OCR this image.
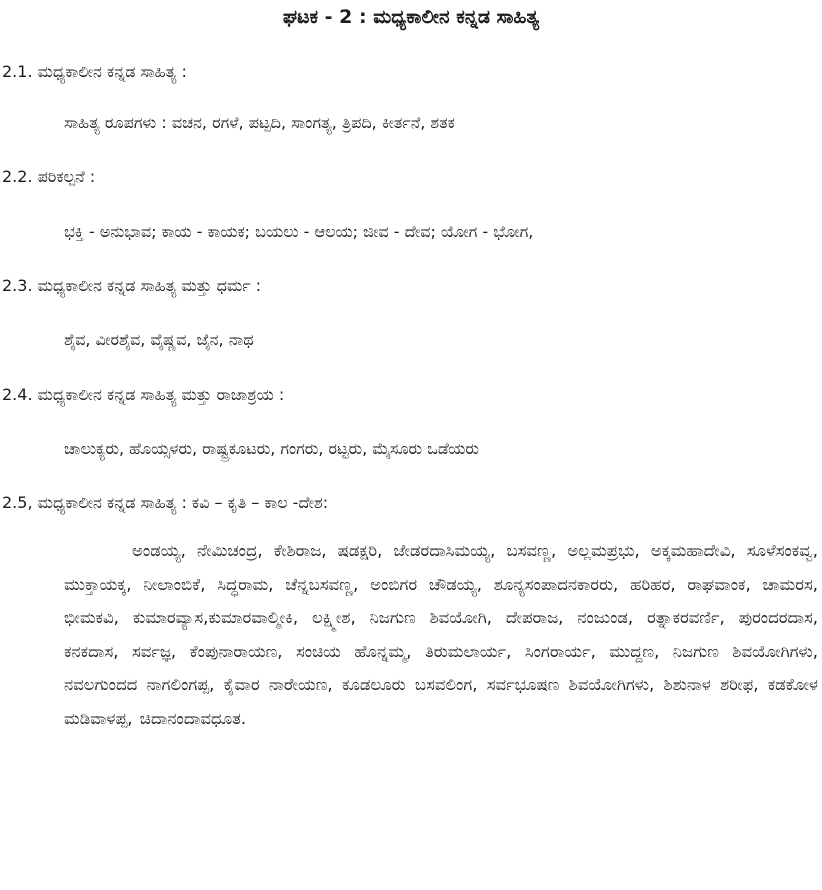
ಘಟಕ - 2 : ಮಧ್ಯಕಾಲೀನ ಕನ್ನಡ ಸಾಹಿತ್ಯ
2.1. ಮಧ್ಯಕಾಲೀನ ಕನ್ನಡ ಸಾಹಿತ್ಯ :
ಸಾಹಿತ್ಯ ರೂಪಗಳು : ವಚನ, ರಗಳೆ, ಪಟ್ಪದಿ, ಸಾಂಗತ್ಯ, ತ್ರಿಪದಿ, ಕೀರ್ತನೆ, ಶತಕ
2.2. ಪರಿಕಲ್ಪನೆ :
ಭಕ್ತಿ - ಅನುಭಾವ; ಕಾಯ - ಕಾಯಕ; ಬಯಲು - ಆಲಯ; ಜೀವ - ದೇವ; ಯೋಗ - ಭೋಗ,
2.3. ಮಧ್ಯಕಾಲೀನ ಕನ್ನಡ ಸಾಹಿತ್ಯ ಮತ್ತು ಧರ್ಮ :
ಶೈವ, ವೀರಶೈವ, ವೈಷ್ಣವ, ಜೈನ, ನಾಥ
2.4. ಮಧ್ಯಕಾಲೀನ ಕನ್ನಡ ಸಾಹಿತ್ಯ ಮತ್ತು ರಾಜಾಶ್ರಯ :
ಚಾಲುಕ್ಯರು, ಹೊಯ್ಸಳರು, ರಾಷ್ಟ್ರಕೂಟರು, ಗಂಗರು, ರಟ್ಟರು, ಮೈಸೂರು ಒಡೆಯರು
2.5, ಮಧ್ಯಕಾಲೀನ ಕನ್ನಡ ಸಾಹಿತ್ಯ : ಕವಿ – ಕೃತಿ – ಕಾಲ -ದೇಶ:
ಅಂಡಯ್ಯ, ನೇಮಿಚಂದ್ರ, ಕೇಶಿರಾಜ, ಷಡಕ್ಷರಿ, ಜೇಡರದಾಸಿಮಯ್ಯ, ಬಸವಣ್ಣ, ಅಲ್ಲಮಪ್ರಭು, ಅಕ್ಕಮಹಾದೇವಿ, ಸೂಳೆಸಂಕವ್ವ, ಮುಕ್ತಾಯಕ್ಕ, ನೀಲಾಂಬಿಕೆ, ಸಿದ್ಧರಾಮ, ಚೆನ್ನಬಸವಣ್ಣ, ಅಂಬಿಗರ ಚೌಡಯ್ಯ, ಶೂನ್ಯಸಂಪಾದನಕಾರರು, ಹರಿಹರ, ರಾಘವಾಂಕ, ಚಾಮರಸ, ಭೀಮಕವಿ, ಕುಮಾರವ್ಯಾಸ,ಕುಮಾರವಾಲ್ಮೀಕಿ, ಲಕ್ಷ್ಮೀಶ, ನಿಜಗುಣ ಶಿವಯೋಗಿ, ದೇಪರಾಜ, ನಂಜುಂಡ, ರತ್ನಾಕರವರ್ಣಿ, ಪುರಂದರದಾಸ, ಕನಕದಾಸ, ಸರ್ವಜ್ಞ, ಕೆಂಪುನಾರಾಯಣ, ಸಂಚಿಯ ಹೊನ್ನಮ್ಮ, ತಿರುಮಲಾರ್ಯ, ಸಿಂಗರಾರ್ಯ, ಮುದ್ದಣ, ನಿಜಗುಣ ಶಿವಯೋಗಿಗಳು, ನವಲಗುಂದದ ನಾಗಲಿಂಗಪ್ಪ, ಕೈವಾರ ನಾರೇಯಣ, ಕೂಡಲೂರು ಬಸವಲಿಂಗ, ಸರ್ವಭೂಷಣ ಶಿವಯೋಗಿಗಳು, ಶಿಶುನಾಳ ಶರೀಫ, ಕಡಕೋಳ ಮಡಿವಾಳಪ್ಪ, ಚಿದಾನಂದಾವಧೂತ.
